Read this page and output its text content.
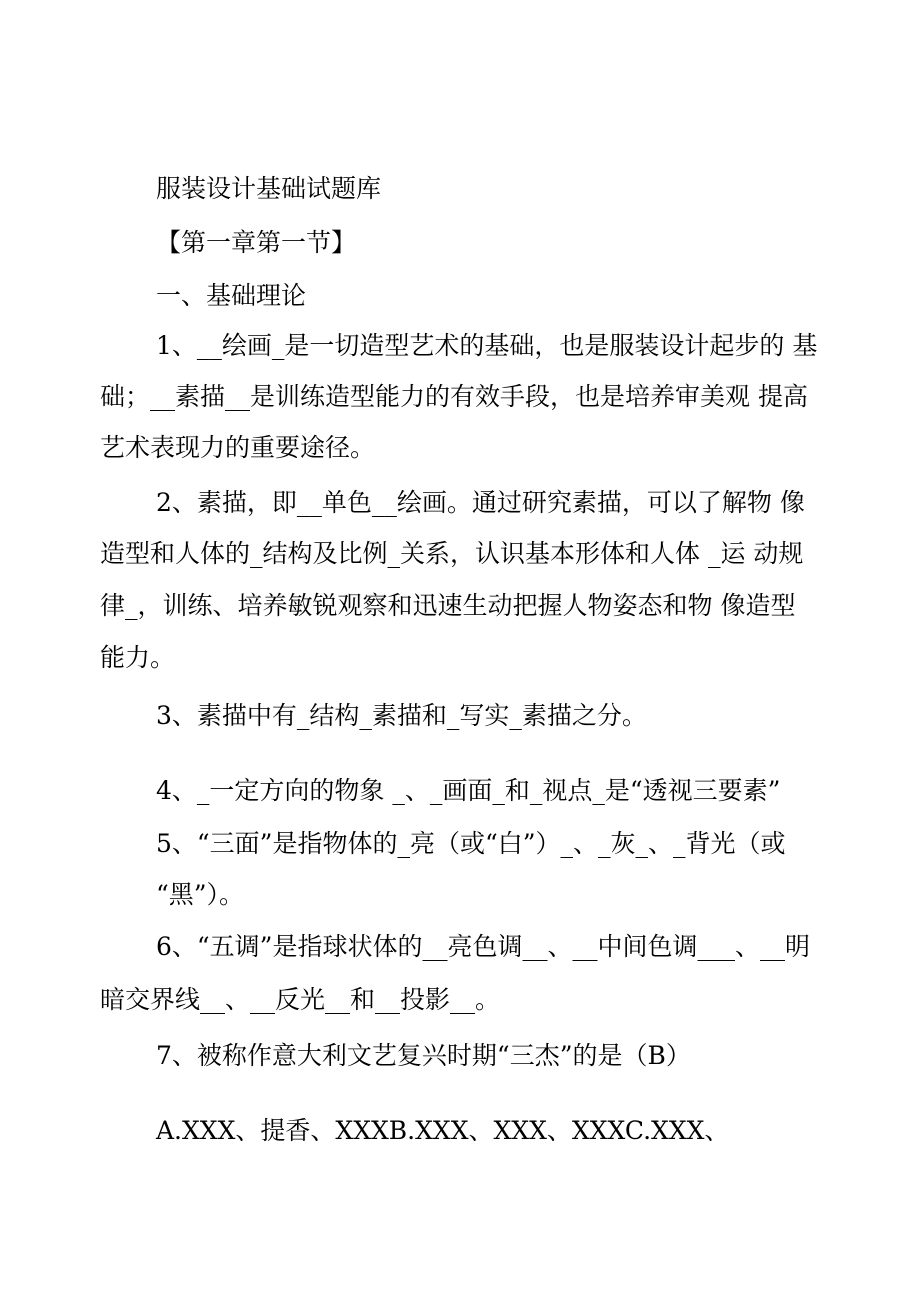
服装设计基础试题库
【第一章第一节】
一、基础理论
1、__绘画_是一切造型艺术的基础，也是服装设计起步的 基
础；__素描__是训练造型能力的有效手段，也是培养审美观 提高
艺术表现力的重要途径。
2、素描，即__单色__绘画。通过研究素描，可以了解物 像
造型和人体的_结构及比例_关系，认识基本形体和人体 _运 动规
律_，训练、培养敏锐观察和迅速生动把握人物姿态和物 像造型
能力。
3、素描中有_结构_素描和_写实_素描之分。
4、_一定方向的物象 _、_画面_和_视点_是“透视三要素”
5、“三面”是指物体的_亮（或“白”）_、_灰_、_背光（或
“黑”）。
6、“五调”是指球状体的__亮色调__、__中间色调___、__明
暗交界线__、__反光__和__投影__。
7、被称作意大利文艺复兴时期“三杰”的是（B）
A.XXX、提香、XXXB.XXX、XXX、XXXC.XXX、
